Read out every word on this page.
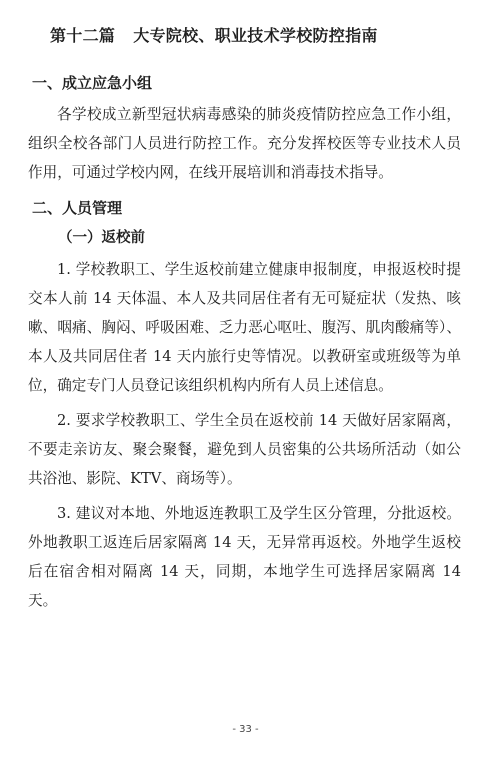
第十二篇 大专院校、职业技术学校防控指南
一、成立应急小组

各学校成立新型冠状病毒感染的肺炎疫情防控应急工作小组，组织全校各部门人员进行防控工作。充分发挥校医等专业技术人员作用，可通过学校内网，在线开展培训和消毒技术指导。

二、人员管理
（一）返校前

1. 学校教职工、学生返校前建立健康申报制度，申报返校时提交本人前 14 天体温、本人及共同居住者有无可疑症状（发热、咳嗽、咽痛、胸闷、呼吸困难、乏力恶心呕吐、腹泻、肌肉酸痛等）、本人及共同居住者 14 天内旅行史等情况。以教研室或班级等为单位，确定专门人员登记该组织机构内所有人员上述信息。

2. 要求学校教职工、学生全员在返校前 14 天做好居家隔离，不要走亲访友、聚会聚餐，避免到人员密集的公共场所活动（如公共浴池、影院、KTV、商场等）。

3. 建议对本地、外地返连教职工及学生区分管理，分批返校。外地教职工返连后居家隔离 14 天，无异常再返校。外地学生返校后在宿舍相对隔离 14 天，同期，本地学生可选择居家隔离 14 天。

- 33 -
